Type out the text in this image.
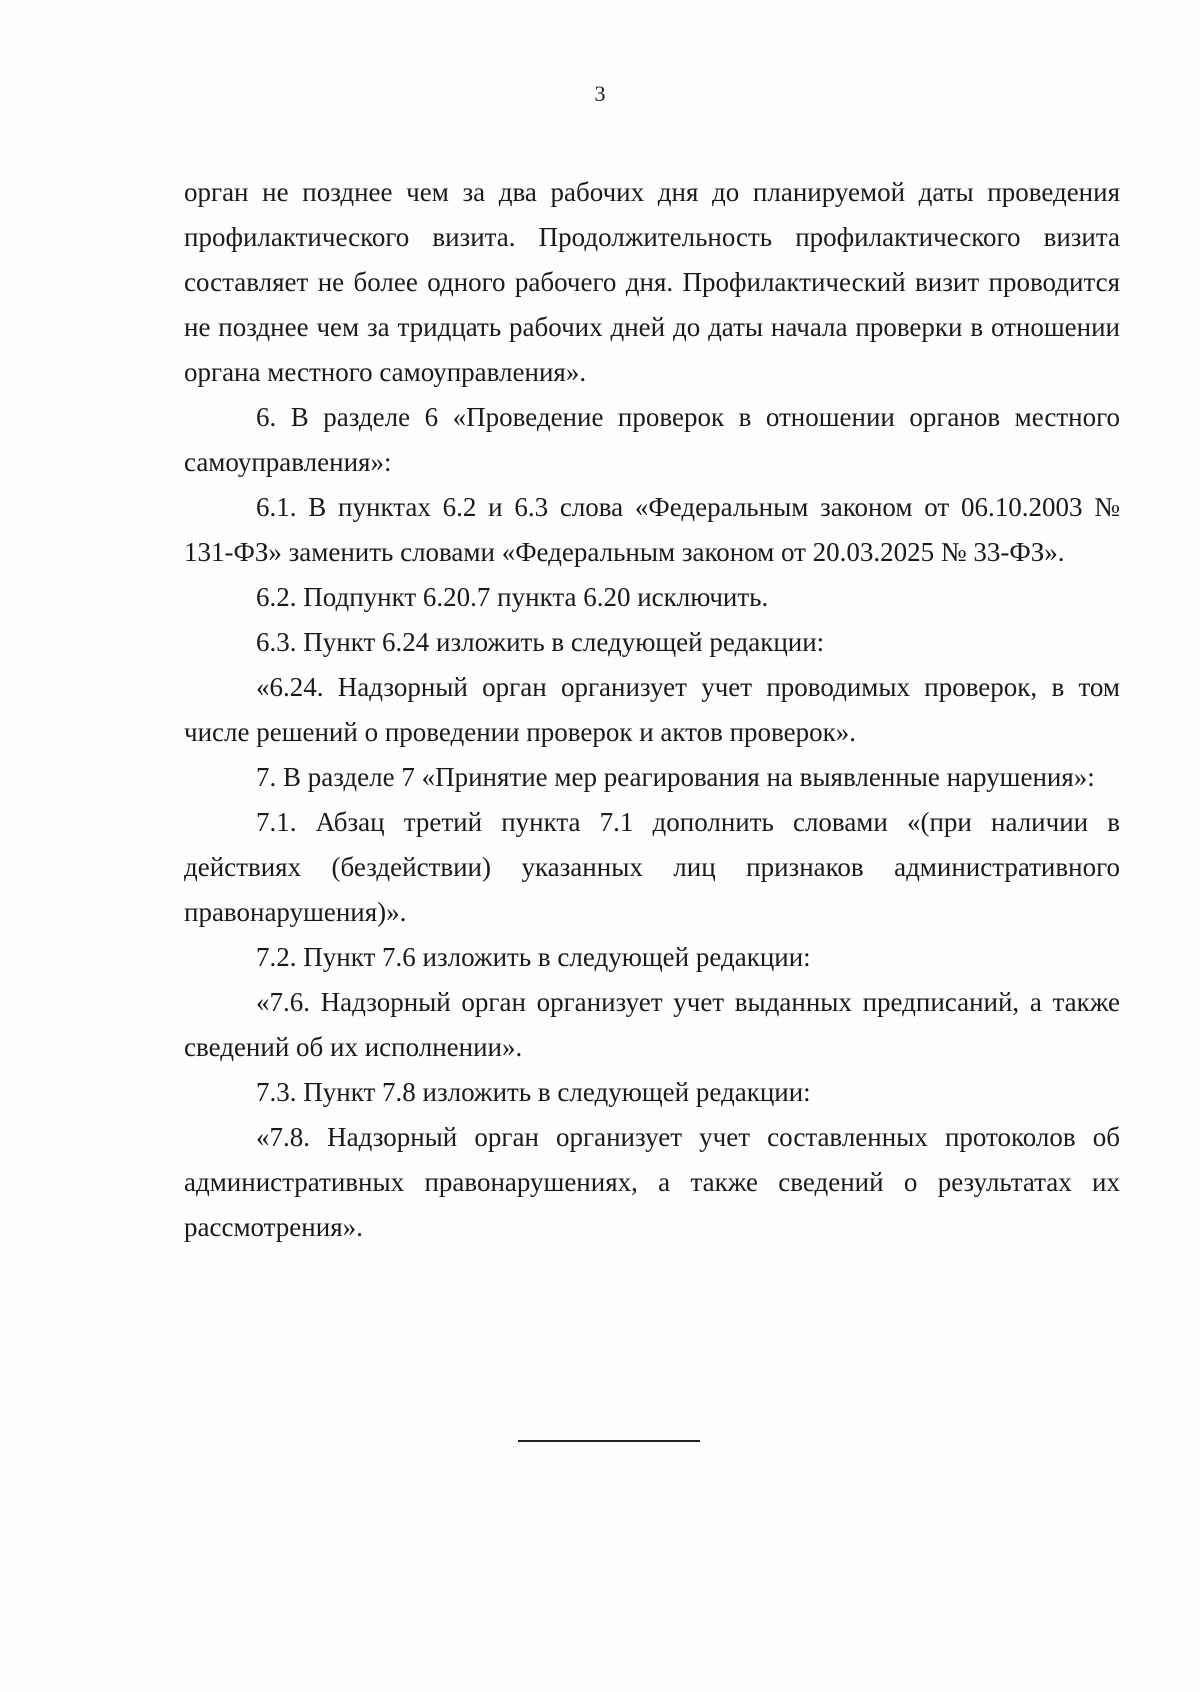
3

орган не позднее чем за два рабочих дня до планируемой даты проведения профилактического визита. Продолжительность профилактического визита составляет не более одного рабочего дня. Профилактический визит проводится не позднее чем за тридцать рабочих дней до даты начала проверки в отношении органа местного самоуправления».

6. В разделе 6 «Проведение проверок в отношении органов местного самоуправления»:

6.1. В пунктах 6.2 и 6.3 слова «Федеральным законом от 06.10.2003 № 131-ФЗ» заменить словами «Федеральным законом от 20.03.2025 № 33-ФЗ».

6.2. Подпункт 6.20.7 пункта 6.20 исключить.

6.3. Пункт 6.24 изложить в следующей редакции:

«6.24. Надзорный орган организует учет проводимых проверок, в том числе решений о проведении проверок и актов проверок».

7. В разделе 7 «Принятие мер реагирования на выявленные нарушения»:

7.1. Абзац третий пункта 7.1 дополнить словами «(при наличии в действиях (бездействии) указанных лиц признаков административного правонарушения)».

7.2. Пункт 7.6 изложить в следующей редакции:

«7.6. Надзорный орган организует учет выданных предписаний, а также сведений об их исполнении».

7.3. Пункт 7.8 изложить в следующей редакции:

«7.8. Надзорный орган организует учет составленных протоколов об административных правонарушениях, а также сведений о результатах их рассмотрения».
